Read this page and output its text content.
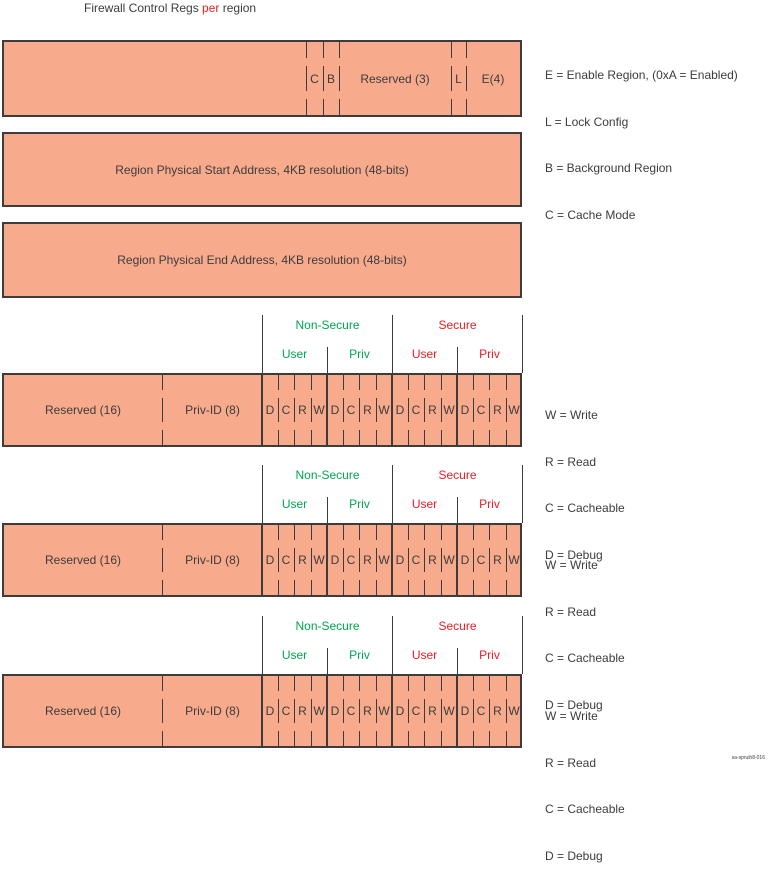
Firewall Control Regs per region
C B	Reserved (3)	L	E(4)

	E = Enable Region, (0xA = Enabled)

L = Lock Config

B = Background Region

C = Cache Mode

Region Physical Start Address, 4KB resolution (48-bits)
Region Physical End Address, 4KB resolution (48-bits)
Non-Secure	Secure
User	Priv	User	Priv
Reserved (16)	Priv-ID (8)	D C R W D C R W D C R W D C R W

W = Write

R = Read

C = Cacheable

D = Debug

sa-spruih8-016
Non-Secure	Secure
User	Priv	User	Priv
Reserved (16)	Priv-ID (8)	D C R W D C R W D C R W D C R W

W = Write

R = Read

C = Cacheable

D = Debug

Non-Secure	Secure
User	Priv	User	Priv
Reserved (16)	Priv-ID (8)	D C R W D C R W D C R W D C R W

W = Write

R = Read

C = Cacheable

D = Debug
